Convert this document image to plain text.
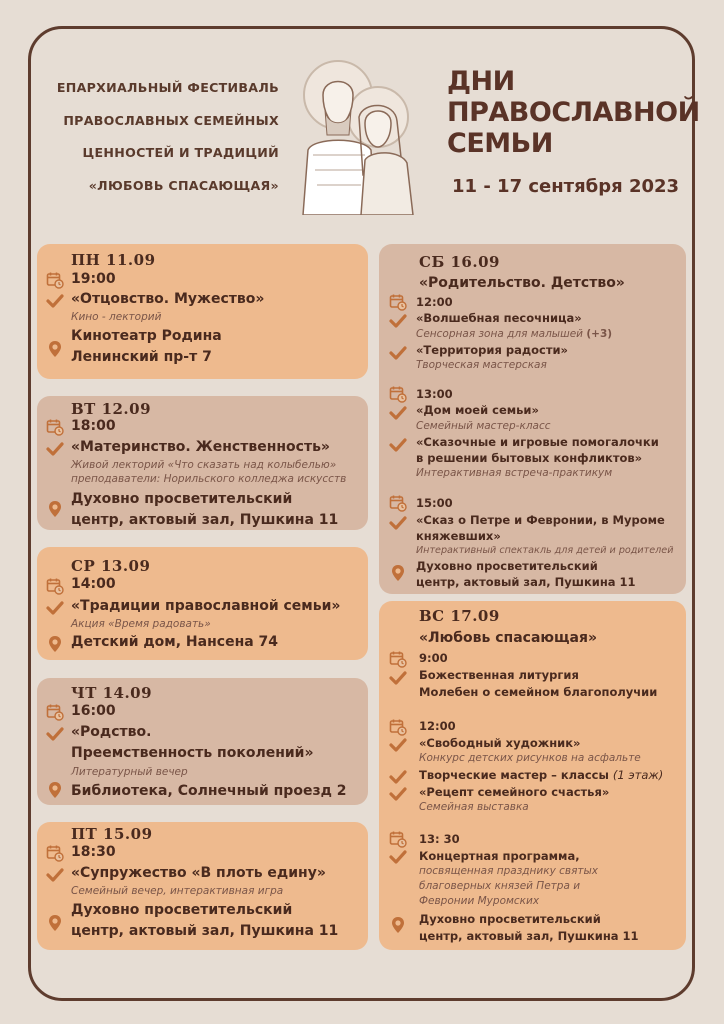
ЕПАРХИАЛЬНЫЙ ФЕСТИВАЛЬ
ПРАВОСЛАВНЫХ СЕМЕЙНЫХ
ЦЕННОСТЕЙ И ТРАДИЦИЙ
«ЛЮБОВЬ СПАСАЮЩАЯ»
ДНИ
ПРАВОСЛАВНОЙ
СЕМЬИ
11 - 17 сентября 2023
ПН 11.09
19:00
«Отцовство. Мужество»
Кино - лекторий
Кинотеатр Родина
Ленинский пр-т 7
ВТ 12.09
18:00
«Материнство. Женственность»
Живой лекторий «Что сказать над колыбелью»
преподаватели: Норильского колледжа искусств
Духовно просветительский
центр, актовый зал, Пушкина 11
СР 13.09
14:00
«Традиции православной семьи»
Акция «Время радовать»
Детский дом, Нансена 74
ЧТ 14.09
16:00
«Родство.
Преемственность поколений»
Литературный вечер
Библиотека, Солнечный проезд 2
ПТ 15.09
18:30
«Супружество «В плоть едину»
Семейный вечер, интерактивная игра
Духовно просветительский
центр, актовый зал, Пушкина 11
СБ 16.09
«Родительство. Детство»
12:00
«Волшебная песочница»
Сенсорная зона для малышей (+3)
«Территория радости»
Творческая мастерская
13:00
«Дом моей семьи»
Семейный мастер-класс
«Сказочные и игровые помогалочки
в решении бытовых конфликтов»
Интерактивная встреча-практикум
15:00
«Сказ о Петре и Февронии, в Муроме
княжевших»
Интерактивный спектакль для детей и родителей
Духовно просветительский
центр, актовый зал, Пушкина 11
ВС 17.09
«Любовь спасающая»
9:00
Божественная литургия
Молебен о семейном благополучии
12:00
«Свободный художник»
Конкурс детских рисунков на асфальте
Творческие мастер – классы (1 этаж)
«Рецепт семейного счастья»
Семейная выставка
13: 30
Концертная программа,
посвященная празднику святых
благоверных князей Петра и
Февронии Муромских
Духовно просветительский
центр, актовый зал, Пушкина 11
